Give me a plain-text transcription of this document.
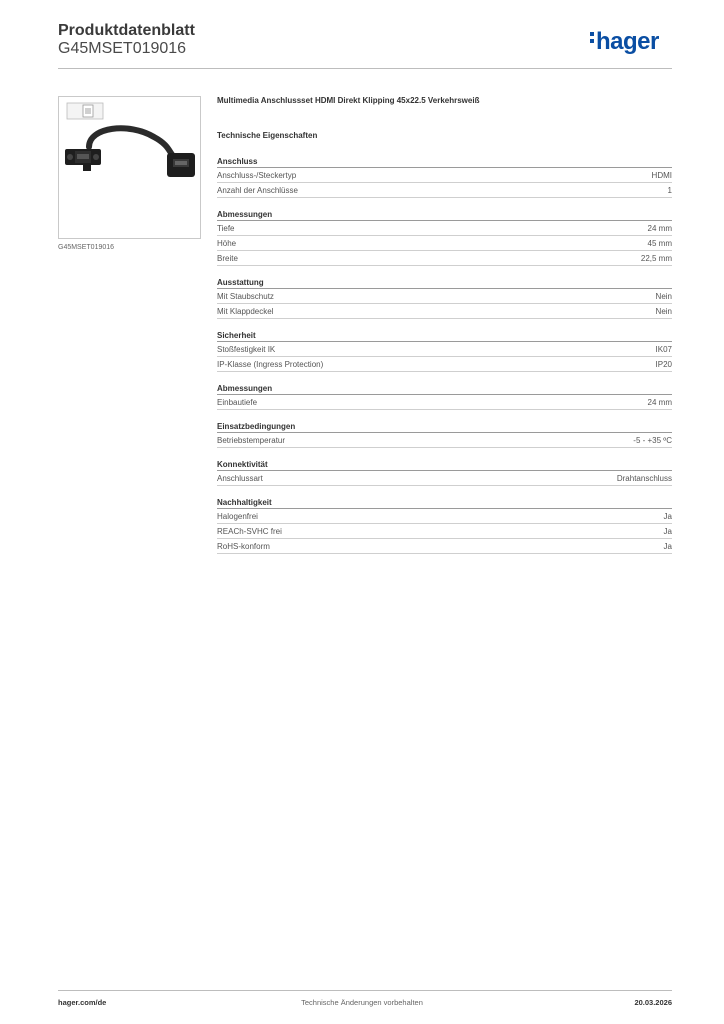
Produktdatenblatt
G45MSET019016	hager
G45MSET019016
Multimedia Anschlussset HDMI Direkt Klipping 45x22.5 Verkehrsweiß
Technische Eigenschaften
Anschluss
Anschluss-/Steckertyp	HDMI
Anzahl der Anschlüsse	1
Abmessungen
Tiefe	24 mm
Höhe	45 mm
Breite	22,5 mm
Ausstattung
Mit Staubschutz	Nein
Mit Klappdeckel	Nein
Sicherheit
Stoßfestigkeit IK	IK07
IP-Klasse (Ingress Protection)	IP20
Abmessungen
Einbautiefe	24 mm
Einsatzbedingungen
Betriebstemperatur	-5 - +35 ºC
Konnektivität
Anschlussart	Drahtanschluss
Nachhaltigkeit
Halogenfrei	Ja
REACh-SVHC frei	Ja
RoHS-konform	Ja
hager.com/de	Technische Änderungen vorbehalten	20.03.2026
